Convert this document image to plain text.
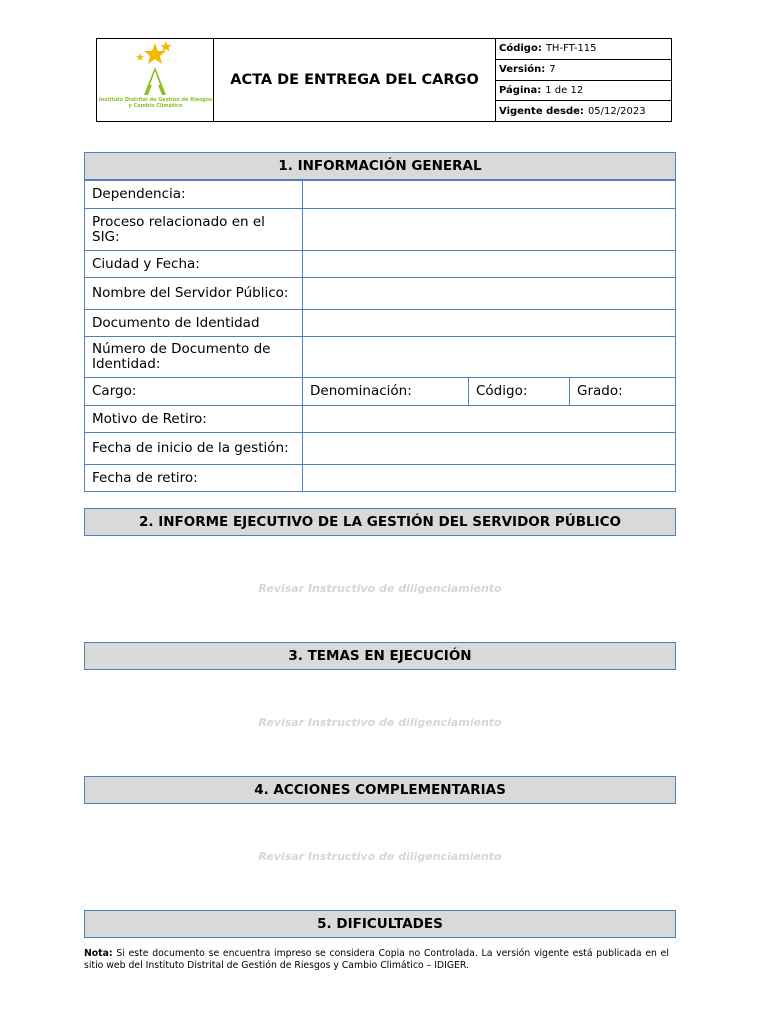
Instituto Distrital de Gestión de Riesgos y Cambio Climático
ACTA DE ENTREGA DEL CARGO
Código: TH-FT-115
Versión: 7
Página: 1 de 12
Vigente desde: 05/12/2023
1. INFORMACIÓN GENERAL
Dependencia:			
Proceso relacionado en el SIG:			
Ciudad y Fecha:			
Nombre del Servidor Público:			
Documento de Identidad			
Número de Documento de Identidad:			
Cargo:	Denominación:	Código:	Grado:
Motivo de Retiro:			
Fecha de inicio de la gestión:			
Fecha de retiro:			
2. INFORME EJECUTIVO DE LA GESTIÓN DEL SERVIDOR PÚBLICO
Revisar Instructivo de diligenciamiento
3. TEMAS EN EJECUCIÓN
Revisar Instructivo de diligenciamiento
4. ACCIONES COMPLEMENTARIAS
Revisar Instructivo de diligenciamiento
5. DIFICULTADES
Nota: Si este documento se encuentra impreso se considera Copia no Controlada. La versión vigente está publicada en el sitio web del Instituto Distrital de Gestión de Riesgos y Cambio Climático – IDIGER.
